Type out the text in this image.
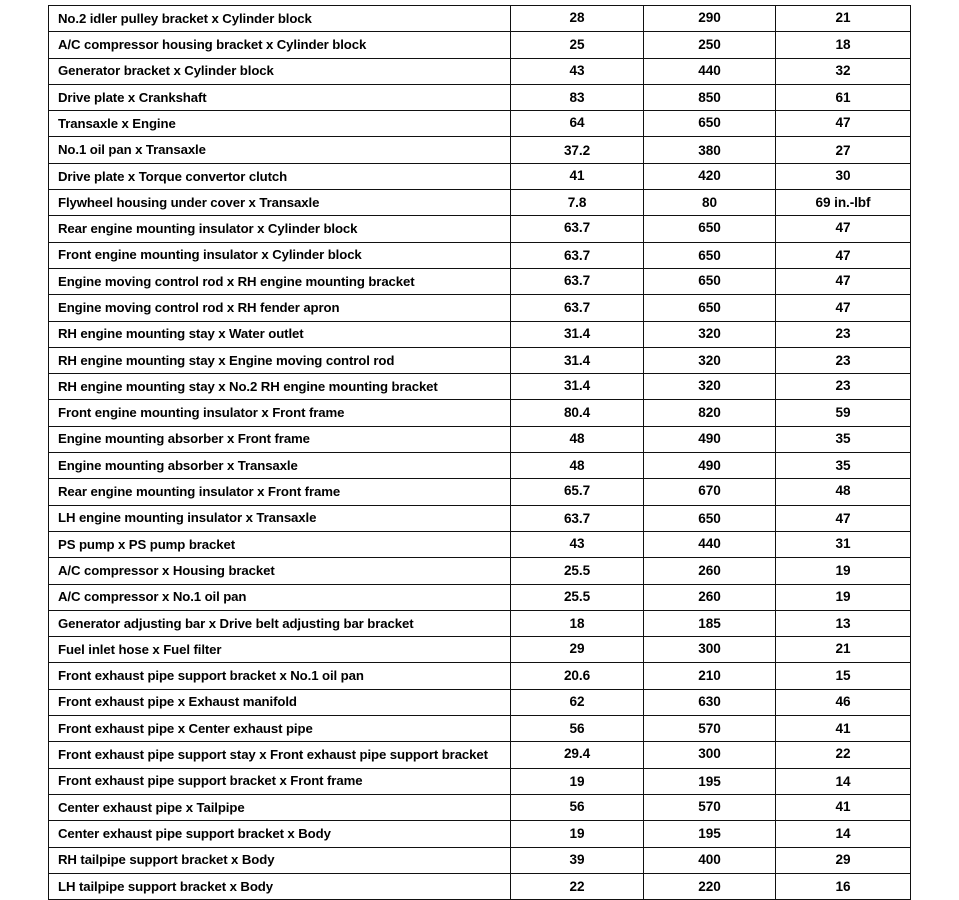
No.2 idler pulley bracket x Cylinder block	28	290	21
A/C compressor housing bracket x Cylinder block	25	250	18
Generator bracket x Cylinder block	43	440	32
Drive plate x Crankshaft	83	850	61
Transaxle x Engine	64	650	47
No.1 oil pan x Transaxle	37.2	380	27
Drive plate x Torque convertor clutch	41	420	30
Flywheel housing under cover x Transaxle	7.8	80	69 in.-lbf
Rear engine mounting insulator x Cylinder block	63.7	650	47
Front engine mounting insulator x Cylinder block	63.7	650	47
Engine moving control rod x RH engine mounting bracket	63.7	650	47
Engine moving control rod x RH fender apron	63.7	650	47
RH engine mounting stay x Water outlet	31.4	320	23
RH engine mounting stay x Engine moving control rod	31.4	320	23
RH engine mounting stay x No.2 RH engine mounting bracket	31.4	320	23
Front engine mounting insulator x Front frame	80.4	820	59
Engine mounting absorber x Front frame	48	490	35
Engine mounting absorber x Transaxle	48	490	35
Rear engine mounting insulator x Front frame	65.7	670	48
LH engine mounting insulator x Transaxle	63.7	650	47
PS pump x PS pump bracket	43	440	31
A/C compressor x Housing bracket	25.5	260	19
A/C compressor x No.1 oil pan	25.5	260	19
Generator adjusting bar x Drive belt adjusting bar bracket	18	185	13
Fuel inlet hose x Fuel filter	29	300	21
Front exhaust pipe support bracket x No.1 oil pan	20.6	210	15
Front exhaust pipe x Exhaust manifold	62	630	46
Front exhaust pipe x Center exhaust pipe	56	570	41
Front exhaust pipe support stay x Front exhaust pipe support bracket	29.4	300	22
Front exhaust pipe support bracket x Front frame	19	195	14
Center exhaust pipe x Tailpipe	56	570	41
Center exhaust pipe support bracket x Body	19	195	14
RH tailpipe support bracket x Body	39	400	29
LH tailpipe support bracket x Body	22	220	16
